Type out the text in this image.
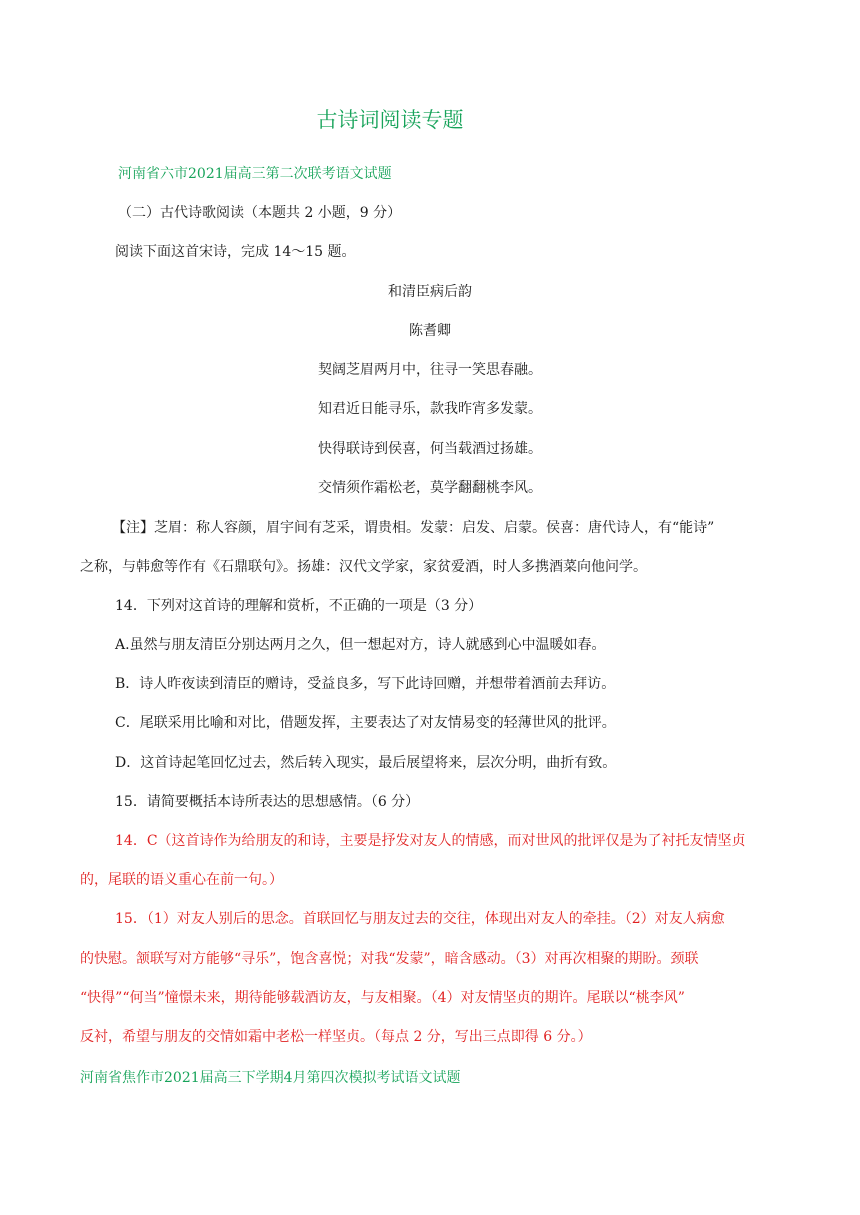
古诗词阅读专题
河南省六市2021届高三第二次联考语文试题
（二）古代诗歌阅读（本题共 2 小题，9 分）
阅读下面这首宋诗，完成 14～15 题。
和清臣病后韵
陈耆卿
契阔芝眉两月中，往寻一笑思春融。
知君近日能寻乐，款我昨宵多发蒙。
快得联诗到侯喜，何当载酒过扬雄。
交情须作霜松老，莫学翻翻桃李风。
【注】芝眉：称人容颜，眉宇间有芝采，谓贵相。发蒙：启发、启蒙。侯喜：唐代诗人，有“能诗”
之称，与韩愈等作有《石鼎联句》。扬雄：汉代文学家，家贫爱酒，时人多携酒菜向他问学。
14．下列对这首诗的理解和赏析，不正确的一项是（3 分）
A.虽然与朋友清臣分别达两月之久，但一想起对方，诗人就感到心中温暖如春。
B．诗人昨夜读到清臣的赠诗，受益良多，写下此诗回赠，并想带着酒前去拜访。
C．尾联采用比喻和对比，借题发挥，主要表达了对友情易变的轻薄世风的批评。
D．这首诗起笔回忆过去，然后转入现实，最后展望将来，层次分明，曲折有致。
15．请简要概括本诗所表达的思想感情。（6 分）
14．C（这首诗作为给朋友的和诗，主要是抒发对友人的情感，而对世风的批评仅是为了衬托友情坚贞
的，尾联的语义重心在前一句。）
15．（1）对友人别后的思念。首联回忆与朋友过去的交往，体现出对友人的牵挂。（2）对友人病愈
的快慰。颔联写对方能够“寻乐”，饱含喜悦；对我“发蒙”，暗含感动。（3）对再次相聚的期盼。颈联
“快得”“何当”憧憬未来，期待能够载酒访友，与友相聚。（4）对友情坚贞的期许。尾联以“桃李风”
反衬，希望与朋友的交情如霜中老松一样坚贞。（每点 2 分，写出三点即得 6 分。）
河南省焦作市2021届高三下学期4月第四次模拟考试语文试题
